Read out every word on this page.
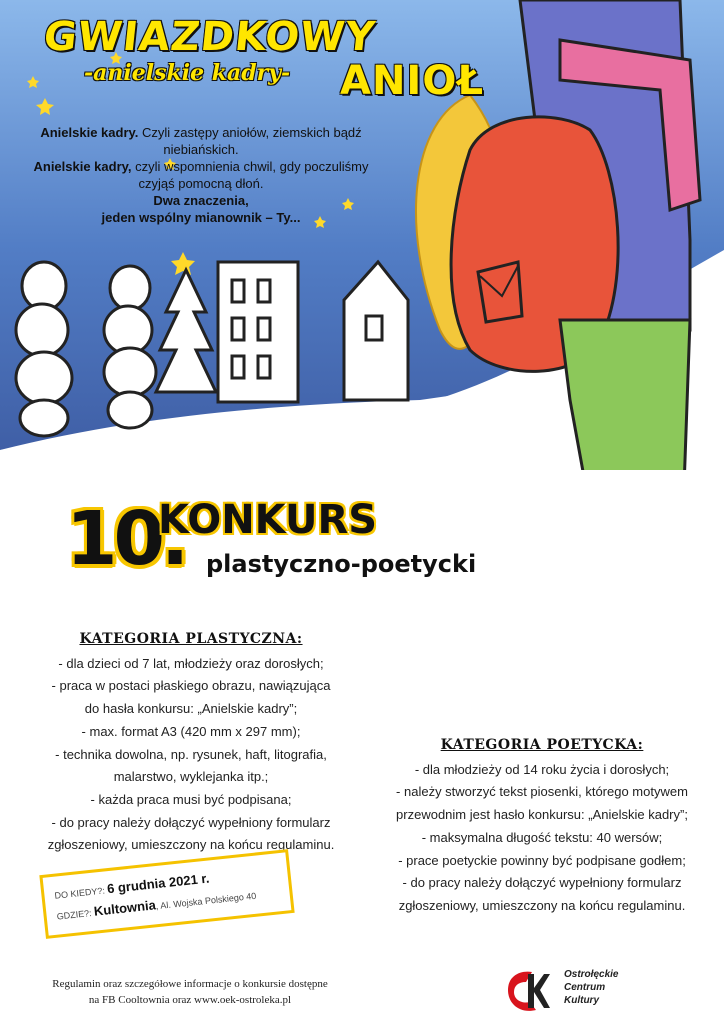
GWIAZDKOWY
-anielskie kadry- ANIOŁ
Anielskie kadry. Czyli zastępy aniołów, ziemskich bądź niebiańskich.
Anielskie kadry, czyli wspomnienia chwil, gdy poczuliśmy czyjąś pomocną dłoń.
Dwa znaczenia,
jeden wspólny mianownik – Ty...
10.
KONKURS
plastyczno-poetycki
KATEGORIA PLASTYCZNA:
- dla dzieci od 7 lat, młodzieży oraz dorosłych;
- praca w postaci płaskiego obrazu, nawiązująca
do hasła konkursu: „Anielskie kadry”;
- max. format A3 (420 mm x 297 mm);
- technika dowolna, np. rysunek, haft, litografia,
malarstwo, wyklejanka itp.;
- każda praca musi być podpisana;
- do pracy należy dołączyć wypełniony formularz
zgłoszeniowy, umieszczony na końcu regulaminu.
KATEGORIA POETYCKA:
- dla młodzieży od 14 roku życia i dorosłych;
- należy stworzyć tekst piosenki, którego motywem
przewodnim jest hasło konkursu: „Anielskie kadry”;
- maksymalna długość tekstu: 40 wersów;
- prace poetyckie powinny być podpisane godłem;
- do pracy należy dołączyć wypełniony formularz
zgłoszeniowy, umieszczony na końcu regulaminu.
DO KIEDY?: 6 grudnia 2021 r.
GDZIE?: Kultownia, Al. Wojska Polskiego 40
Regulamin oraz szczegółowe informacje o konkursie dostępne
na FB Cooltownia oraz www.oek-ostroleka.pl
Ostrołęckie
Centrum
Kultury
